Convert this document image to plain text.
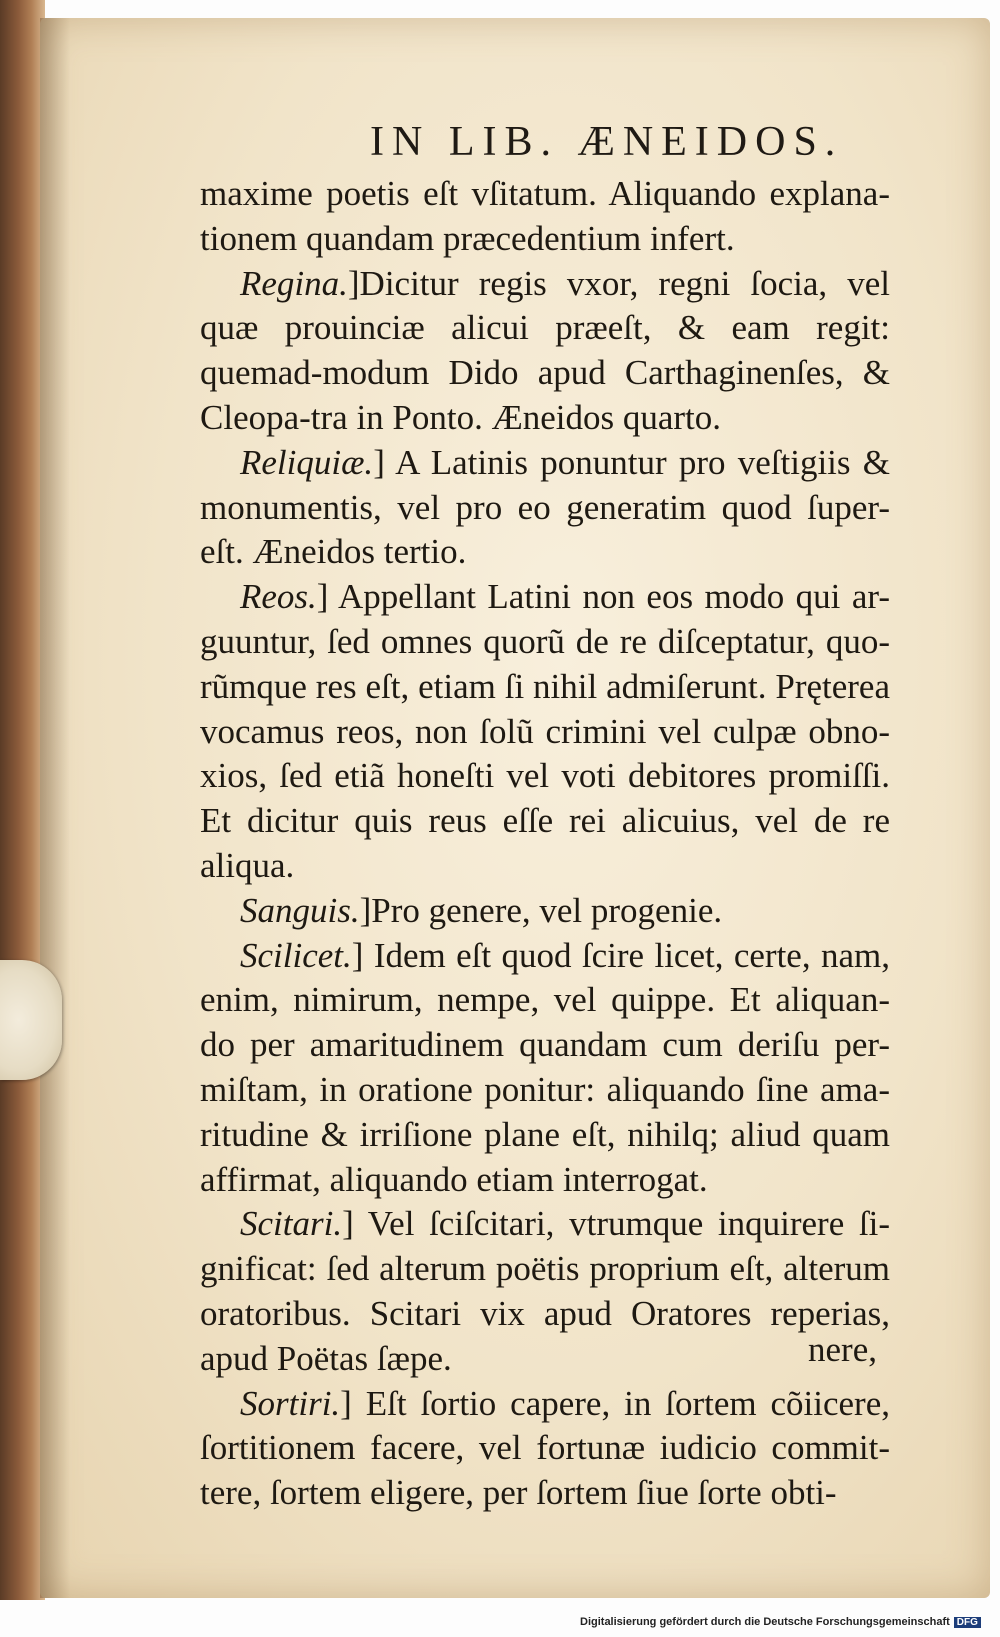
IN LIB. ÆNEIDOS.

maxime poetis eſt vſitatum. Aliquando explana-tionem quandam præcedentium infert.

Regina.]Dicitur regis vxor, regni ſocia, vel quæ prouinciæ alicui præeſt, & eam regit: quemad-modum Dido apud Carthaginenſes, & Cleopa-tra in Ponto. Æneidos quarto.

Reliquiæ.] A Latinis ponuntur pro veſtigiis & monumentis, vel pro eo generatim quod ſuper-eſt. Æneidos tertio.

Reos.] Appellant Latini non eos modo qui ar-guuntur, ſed omnes quorũ de re diſceptatur, quo-rũmque res eſt, etiam ſi nihil admiſerunt. Pręterea vocamus reos, non ſolũ crimini vel culpæ obno-xios, ſed etiã honeſti vel voti debitores promiſſi. Et dicitur quis reus eſſe rei alicuius, vel de re aliqua.

Sanguis.]Pro genere, vel progenie.

Scilicet.] Idem eſt quod ſcire licet, certe, nam, enim, nimirum, nempe, vel quippe. Et aliquan-do per amaritudinem quandam cum deriſu per-miſtam, in oratione ponitur: aliquando ſine ama-ritudine & irriſione plane eſt, nihilq; aliud quam affirmat, aliquando etiam interrogat.

Scitari.] Vel ſciſcitari, vtrumque inquirere ſi-gnificat: ſed alterum poëtis proprium eſt, alterum oratoribus. Scitari vix apud Oratores reperias, apud Poëtas ſæpe.

Sortiri.] Eſt ſortio capere, in ſortem cõiicere, ſortitionem facere, vel fortunæ iudicio commit-tere, ſortem eligere, per ſortem ſiue ſorte obti-

nere,
Digitalisierung gefördert durch die Deutsche Forschungsgemeinschaft DFG
